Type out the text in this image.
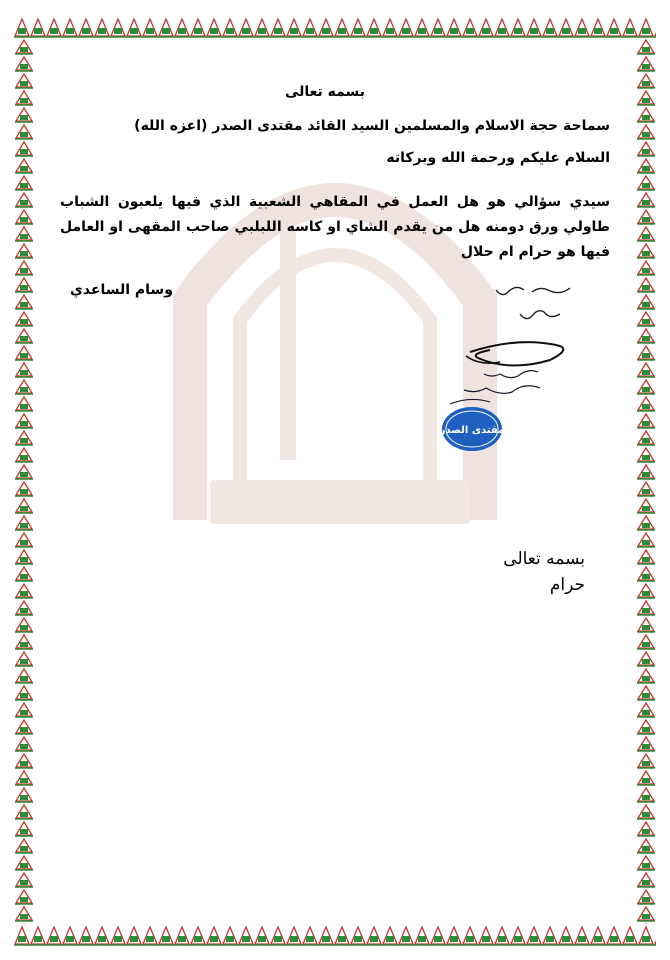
بسمه تعالى
سماحة حجة الاسلام والمسلمين السيد القائد مقتدى الصدر (اعزه الله)
السلام عليكم ورحمة الله وبركاته
سيدي سؤالي هو هل العمل في المقاهي الشعبية الذي فيها يلعبون الشباب طاولي ورق دومنه هل من يقدم الشاي او كاسه اللبلبي صاحب المقهى او العامل فيها هو حرام ام حلال
وسام الساعدي
مقتدى الصدر
بسمه تعالى
حرام
